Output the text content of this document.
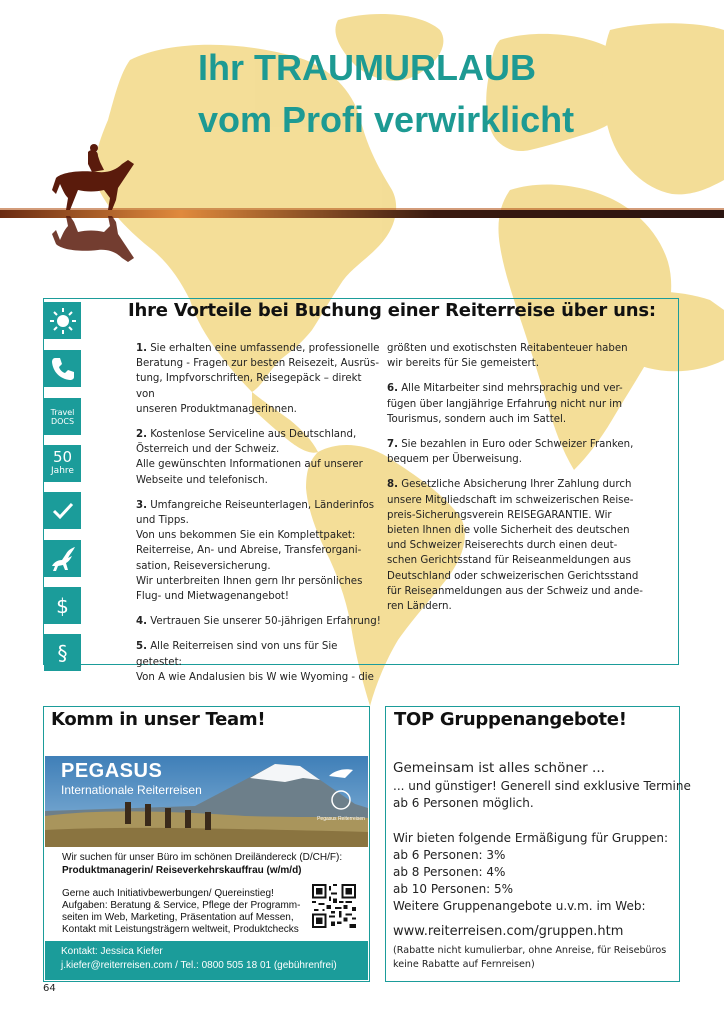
Ihr TRAUMURLAUB
vom Profi verwirklicht
Ihre Vorteile bei Buchung einer Reiterreise über uns:
Travel
DOCS
50
Jahre
$
§

1. Sie erhalten eine umfassende, professionelle
Beratung - Fragen zur besten Reisezeit, Ausrüs-
tung, Impfvorschriften, Reisegepäck – direkt von
unseren Produktmanagerinnen.

2. Kostenlose Serviceline aus Deutschland,
Österreich und der Schweiz.
Alle gewünschten Informationen auf unserer
Webseite und telefonisch.

3. Umfangreiche Reiseunterlagen, Länderinfos
und Tipps.
Von uns bekommen Sie ein Komplettpaket:
Reiterreise, An- und Abreise, Transferorgani-
sation, Reiseversicherung.
Wir unterbreiten Ihnen gern Ihr persönliches
Flug- und Mietwagenangebot!

4. Vertrauen Sie unserer 50-jährigen Erfahrung!

5. Alle Reiterreisen sind von uns für Sie getestet:
Von A wie Andalusien bis W wie Wyoming - die

größten und exotischsten Reitabenteuer haben
wir bereits für Sie gemeistert.

6. Alle Mitarbeiter sind mehrsprachig und ver-
fügen über langjährige Erfahrung nicht nur im
Tourismus, sondern auch im Sattel.

7. Sie bezahlen in Euro oder Schweizer Franken,
bequem per Überweisung.

8. Gesetzliche Absicherung Ihrer Zahlung durch
unsere Mitgliedschaft im schweizerischen Reise-
preis-Sicherungsverein REISEGARANTIE. Wir
bieten Ihnen die volle Sicherheit des deutschen
und Schweizer Reiserechts durch einen deut-
schen Gerichtsstand für Reiseanmeldungen aus
Deutschland oder schweizerischen Gerichtsstand
für Reiseanmeldungen aus der Schweiz und ande-
ren Ländern.

Komm in unser Team!
Pegasus Reiterreisen
PEGASUS
Internationale Reiterreisen
Wir suchen für unser Büro im schönen Dreiländereck (D/CH/F):
Produktmanagerin/ Reiseverkehrskauffrau (w/m/d)
Gerne auch Initiativbewerbungen/ Quereinstieg!
Aufgaben: Beratung & Service, Pflege der Programm-
seiten im Web, Marketing, Präsentation auf Messen,
Kontakt mit Leistungsträgern weltweit, Produktchecks
Kontakt: Jessica Kiefer
j.kiefer@reiterreisen.com / Tel.: 0800 505 18 01 (gebührenfrei)
TOP Gruppenangebote!
Gemeinsam ist alles schöner ...
... und günstiger! Generell sind exklusive Termine
ab 6 Personen möglich.
Wir bieten folgende Ermäßigung für Gruppen:
ab 6 Personen: 3%
ab 8 Personen: 4%
ab 10 Personen: 5%
Weitere Gruppenangebote u.v.m. im Web:
www.reiterreisen.com/gruppen.htm
(Rabatte nicht kumulierbar, ohne Anreise, für Reisebüros
keine Rabatte auf Fernreisen)
64
